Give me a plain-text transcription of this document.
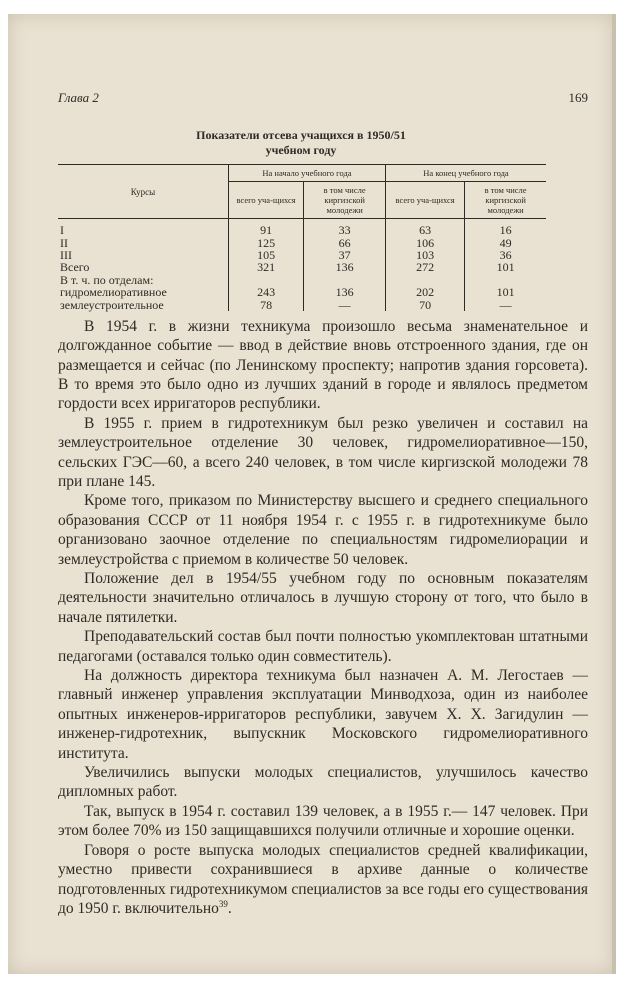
Глава 2	169
Показатели отсева учащихся в 1950/51
учебном году
Курсы	На начало учебного года		На конец учебного года	
	всего уча-щихся	в том числе киргизской молодежи	всего уча-щихся	в том числе киргизской молодежи
I	91	33	63	16
II	125	66	106	49
III	105	37	103	36
Всего	321	136	272	101
В т. ч. по отделам:				
гидромелиоративное	243	136	202	101
землеустроительное	78	—	70	—

В 1954 г. в жизни техникума произошло весьма знаменательное и долгожданное событие — ввод в действие вновь отстроенного здания, где он размещается и сейчас (по Ленинскому проспекту; напротив здания горсовета). В то время это было одно из лучших зданий в городе и являлось предметом гордости всех ирригаторов республики.

В 1955 г. прием в гидротехникум был резко увеличен и составил на землеустроительное отделение 30 человек, гидромелиоративное—150, сельских ГЭС—60, а всего 240 человек, в том числе киргизской молодежи 78 при плане 145.

Кроме того, приказом по Министерству высшего и среднего специального образования СССР от 11 ноября 1954 г. с 1955 г. в гидротехникуме было организовано заочное отделение по специальностям гидромелиорации и землеустройства с приемом в количестве 50 человек.

Положение дел в 1954/55 учебном году по основным показателям деятельности значительно отличалось в лучшую сторону от того, что было в начале пятилетки.

Преподавательский состав был почти полностью укомплектован штатными педагогами (оставался только один совместитель).

На должность директора техникума был назначен А. М. Легостаев — главный инженер управления эксплуатации Минводхоза, один из наиболее опытных инженеров-ирригаторов республики, завучем Х. Х. Загидулин — инженер-гидротехник, выпускник Московского гидромелиоративного института.

Увеличились выпуски молодых специалистов, улучшилось качество дипломных работ.

Так, выпуск в 1954 г. составил 139 человек, а в 1955 г.— 147 человек. При этом более 70% из 150 защищавшихся получили отличные и хорошие оценки.

Говоря о росте выпуска молодых специалистов средней квалификации, уместно привести сохранившиеся в архиве данные о количестве подготовленных гидротехникумом специалистов за все годы его существования до 1950 г. включительно$^{39}$.
